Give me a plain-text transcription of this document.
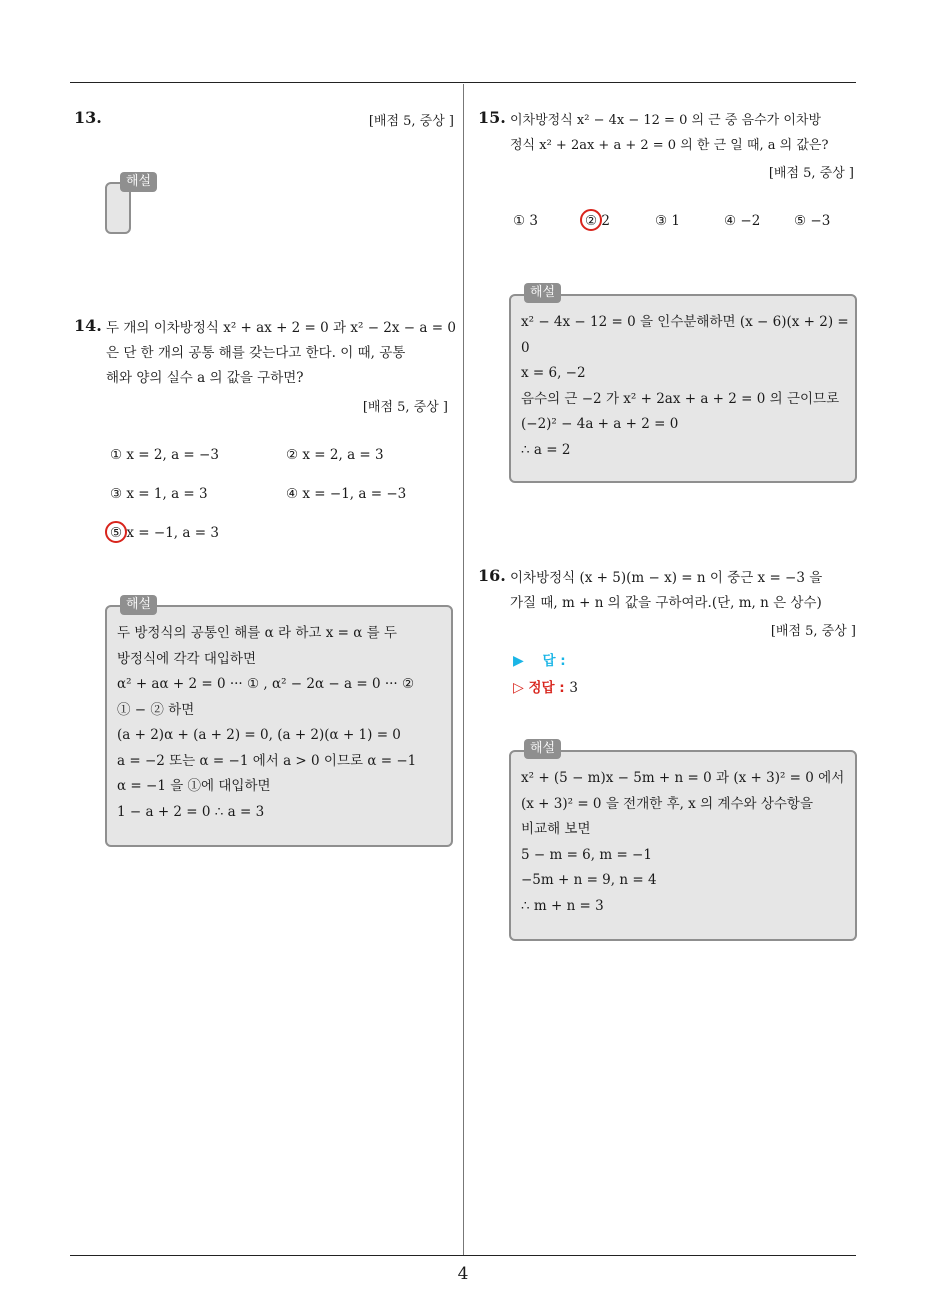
13.	[배점 5, 중상 ]
해설
14. 두 개의 이차방정식 x² + ax + 2 = 0 과 x² − 2x − a = 0
은 단 한 개의 공통 해를 갖는다고 한다. 이 때, 공통
해와 양의 실수 a 의 값을 구하면?
[배점 5, 중상 ]
① x = 2, a = −3	② x = 2, a = 3
③ x = 1, a = 3	④ x = −1, a = −3
⑤ x = −1, a = 3
두 방정식의 공통인 해를 α 라 하고 x = α 를 두
방정식에 각각 대입하면
α² + aα + 2 = 0 ··· ① , α² − 2α − a = 0 ··· ②
① − ② 하면
(a + 2)α + (a + 2) = 0, (a + 2)(α + 1) = 0
a = −2 또는 α = −1 에서 a > 0 이므로 α = −1
α = −1 을 ①에 대입하면
1 − a + 2 = 0 ∴ a = 3
해설
15. 이차방정식 x² − 4x − 12 = 0 의 근 중 음수가 이차방
정식 x² + 2ax + a + 2 = 0 의 한 근 일 때, a 의 값은?
[배점 5, 중상 ]
① 3	② 2	③ 1	④ −2 ⑤ −3
x² − 4x − 12 = 0 을 인수분해하면 (x − 6)(x + 2) =
0
x = 6, −2
음수의 근 −2 가 x² + 2ax + a + 2 = 0 의 근이므로
(−2)² − 4a + a + 2 = 0
∴ a = 2
해설
16. 이차방정식 (x + 5)(m − x) = n 이 중근 x = −3 을
가질 때, m + n 의 값을 구하여라.(단, m, n 은 상수)
[배점 5, 중상 ]
▶ 답 :
▷ 정답 : 3
x² + (5 − m)x − 5m + n = 0 과 (x + 3)² = 0 에서
(x + 3)² = 0 을 전개한 후, x 의 계수와 상수항을
비교해 보면
5 − m = 6, m = −1
−5m + n = 9, n = 4
∴ m + n = 3
해설
4
